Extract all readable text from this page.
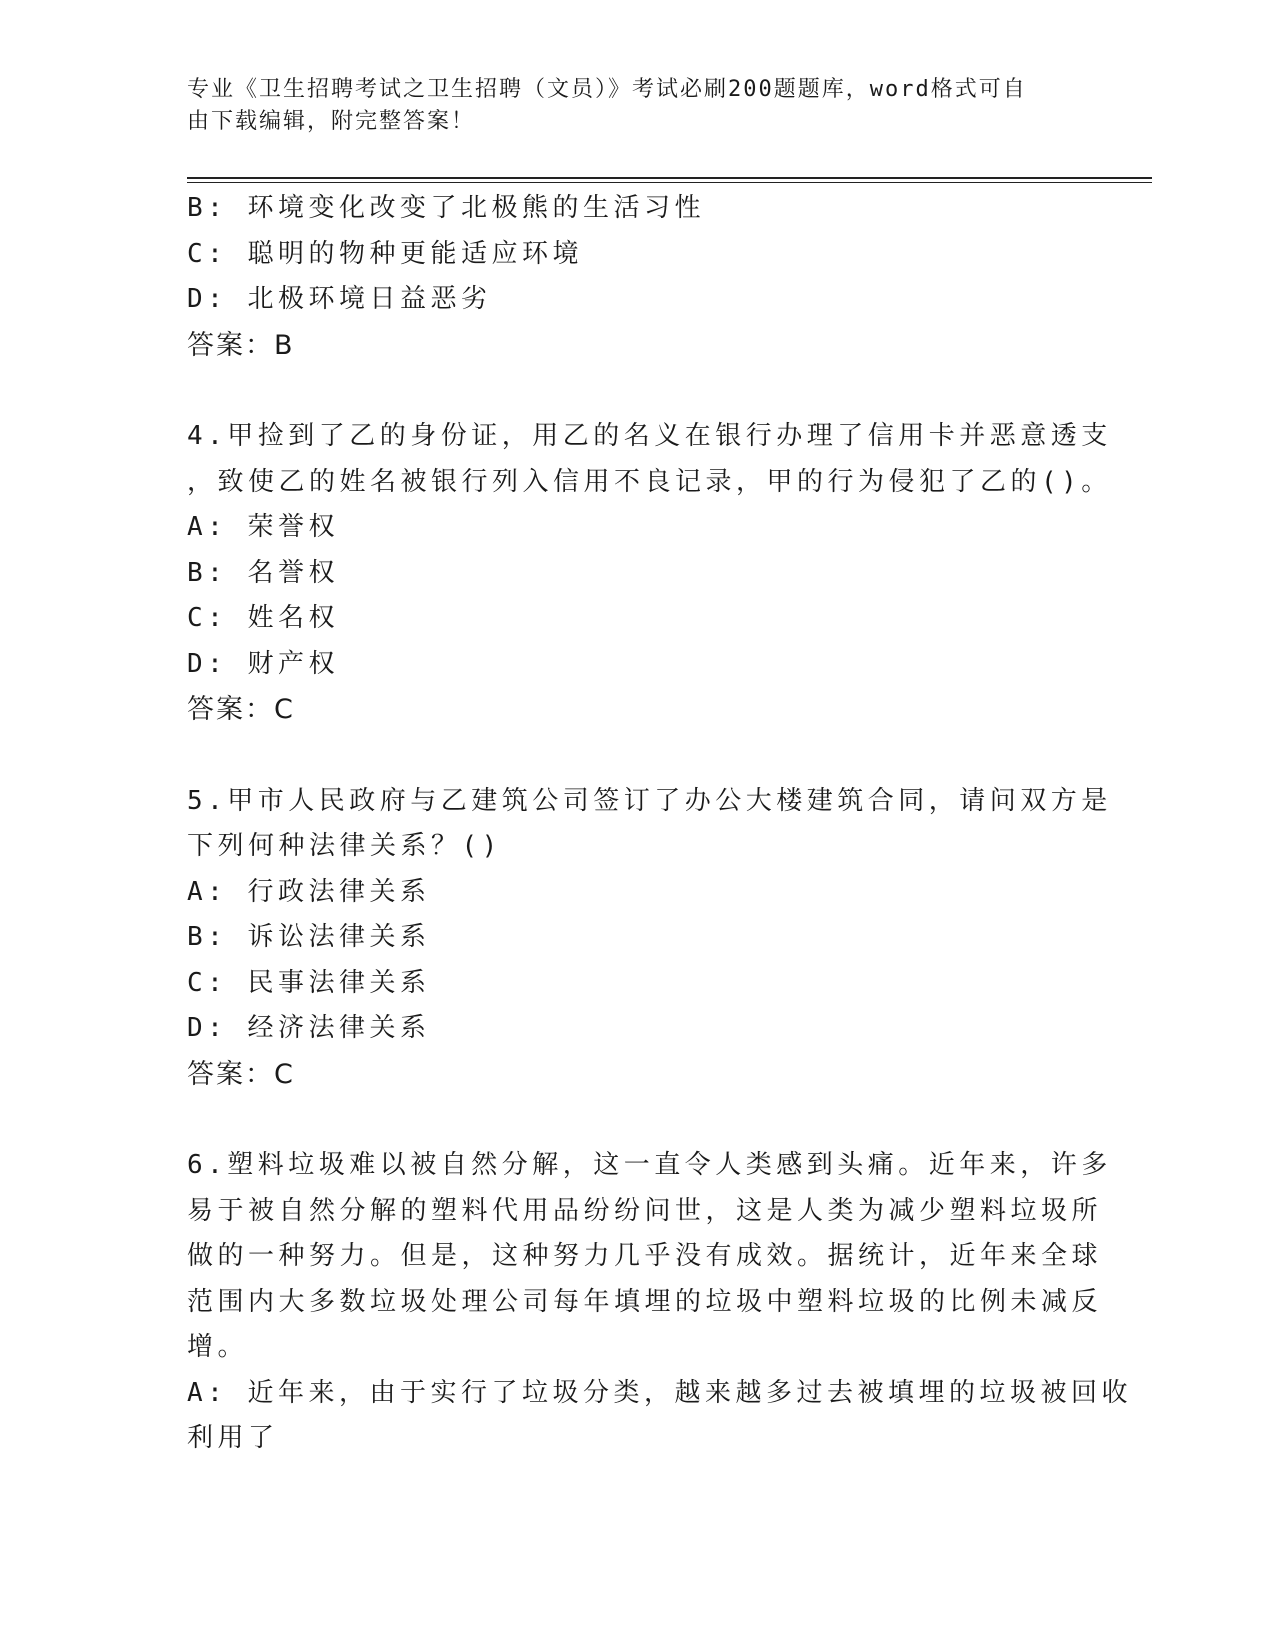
专业《卫生招聘考试之卫生招聘（文员）》考试必刷200题题库，word格式可自
由下载编辑，附完整答案！
B: 环境变化改变了北极熊的生活习性
C: 聪明的物种更能适应环境
D: 北极环境日益恶劣
答案：B
4.甲捡到了乙的身份证，用乙的名义在银行办理了信用卡并恶意透支
，致使乙的姓名被银行列入信用不良记录，甲的行为侵犯了乙的()。
A: 荣誉权
B: 名誉权
C: 姓名权
D: 财产权
答案：C
5.甲市人民政府与乙建筑公司签订了办公大楼建筑合同，请问双方是
下列何种法律关系？()
A: 行政法律关系
B: 诉讼法律关系
C: 民事法律关系
D: 经济法律关系
答案：C
6.塑料垃圾难以被自然分解，这一直令人类感到头痛。近年来，许多
易于被自然分解的塑料代用品纷纷问世，这是人类为减少塑料垃圾所
做的一种努力。但是，这种努力几乎没有成效。据统计，近年来全球
范围内大多数垃圾处理公司每年填埋的垃圾中塑料垃圾的比例未减反
增。
A: 近年来，由于实行了垃圾分类，越来越多过去被填埋的垃圾被回收
利用了
